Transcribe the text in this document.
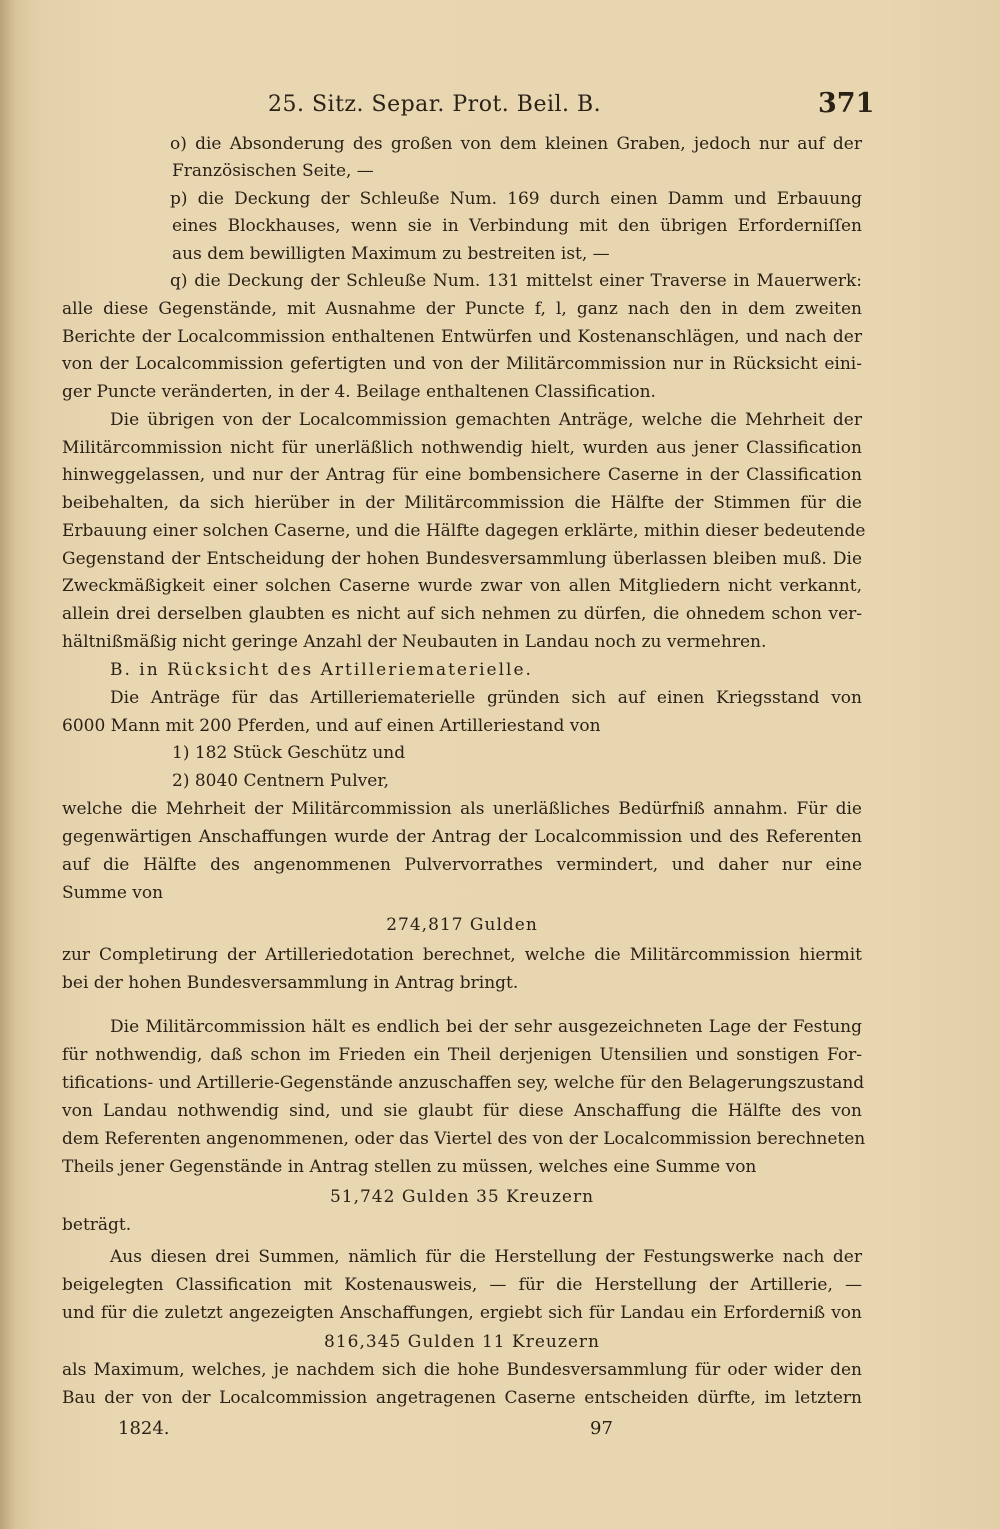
25. Sitz. Separ. Prot. Beil. B.	371
o) die Absonderung des großen von dem kleinen Graben, jedoch nur auf der
Französischen Seite, —
p) die Deckung der Schleuße Num. 169 durch einen Damm und Erbauung
eines Blockhauses, wenn sie in Verbindung mit den übrigen Erforderniſſen
aus dem bewilligten Maximum zu bestreiten ist, —
q) die Deckung der Schleuße Num. 131 mittelst einer Traverse in Mauerwerk:
alle diese Gegenstände, mit Ausnahme der Puncte f, l, ganz nach den in dem zweiten
Berichte der Localcommission enthaltenen Entwürfen und Kostenanschlägen, und nach der
von der Localcommission gefertigten und von der Militärcommission nur in Rücksicht eini-
ger Puncte veränderten, in der 4. Beilage enthaltenen Classification.
Die übrigen von der Localcommission gemachten Anträge, welche die Mehrheit der
Militärcommission nicht für unerläßlich nothwendig hielt, wurden aus jener Classification
hinweggelassen, und nur der Antrag für eine bombensichere Caserne in der Classification
beibehalten, da sich hierüber in der Militärcommission die Hälfte der Stimmen für die
Erbauung einer solchen Caserne, und die Hälfte dagegen erklärte, mithin dieser bedeutende
Gegenstand der Entscheidung der hohen Bundesversammlung überlassen bleiben muß. Die
Zweckmäßigkeit einer solchen Caserne wurde zwar von allen Mitgliedern nicht verkannt,
allein drei derselben glaubten es nicht auf sich nehmen zu dürfen, die ohnedem schon ver-
hältnißmäßig nicht geringe Anzahl der Neubauten in Landau noch zu vermehren.
B. in Rücksicht des Artilleriematerielle.
Die Anträge für das Artilleriematerielle gründen sich auf einen Kriegsstand von
6000 Mann mit 200 Pferden, und auf einen Artilleriestand von
1) 182 Stück Geschütz und
2) 8040 Centnern Pulver,
welche die Mehrheit der Militärcommission als unerläßliches Bedürfniß annahm. Für die
gegenwärtigen Anschaffungen wurde der Antrag der Localcommission und des Referenten
auf die Hälfte des angenommenen Pulvervorrathes vermindert, und daher nur eine
Summe von
274,817 Gulden
zur Completirung der Artilleriedotation berechnet, welche die Militärcommission hiermit
bei der hohen Bundesversammlung in Antrag bringt.
Die Militärcommission hält es endlich bei der sehr ausgezeichneten Lage der Festung
für nothwendig, daß schon im Frieden ein Theil derjenigen Utensilien und sonstigen For-
tifications- und Artillerie-Gegenstände anzuschaffen sey, welche für den Belagerungszustand
von Landau nothwendig sind, und sie glaubt für diese Anschaffung die Hälfte des von
dem Referenten angenommenen, oder das Viertel des von der Localcommission berechneten
Theils jener Gegenstände in Antrag stellen zu müssen, welches eine Summe von
51,742 Gulden 35 Kreuzern
beträgt.
Aus diesen drei Summen, nämlich für die Herstellung der Festungswerke nach der
beigelegten Classification mit Kostenausweis, — für die Herstellung der Artillerie, —
und für die zuletzt angezeigten Anschaffungen, ergiebt sich für Landau ein Erforderniß von
816,345 Gulden 11 Kreuzern
als Maximum, welches, je nachdem sich die hohe Bundesversammlung für oder wider den
Bau der von der Localcommission angetragenen Caserne entscheiden dürfte, im letztern
1824.	97
